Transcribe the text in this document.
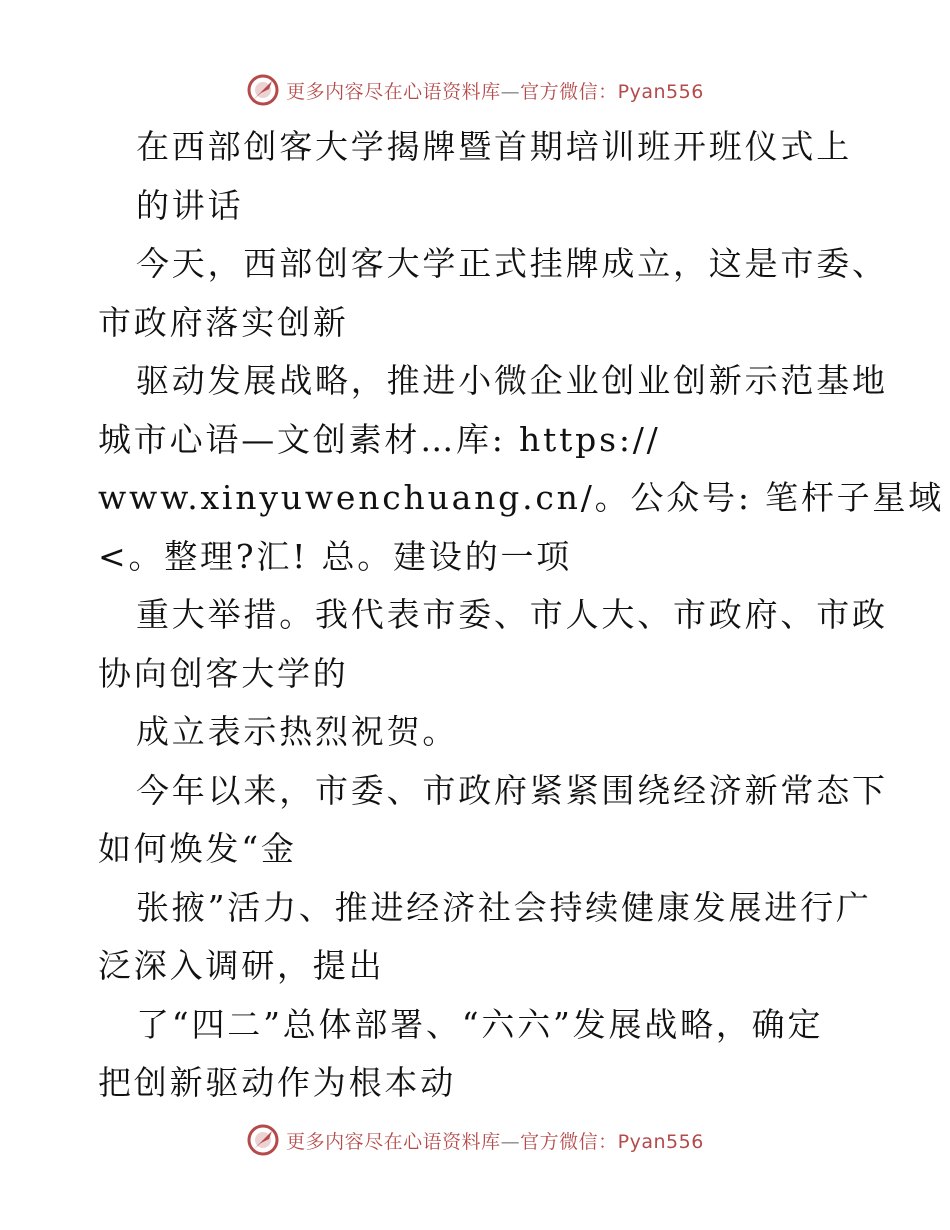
更多内容尽在心语资料库—官方微信：Pyan556
在西部创客大学揭牌暨首期培训班开班仪式上
的讲话
今天，西部创客大学正式挂牌成立，这是市委、
市政府落实创新
驱动发展战略，推进小微企业创业创新示范基地
城市心语—文创素材…库: https://
www.xinyuwenchuang.cn/。公众号: 笔杆子星域
<。整理?汇! 总。建设的一项
重大举措。我代表市委、市人大、市政府、市政
协向创客大学的
成立表示热烈祝贺。
今年以来，市委、市政府紧紧围绕经济新常态下
如何焕发“金
张掖”活力、推进经济社会持续健康发展进行广
泛深入调研，提出
了“四二”总体部署、“六六”发展战略，确定
把创新驱动作为根本动
更多内容尽在心语资料库—官方微信：Pyan556
